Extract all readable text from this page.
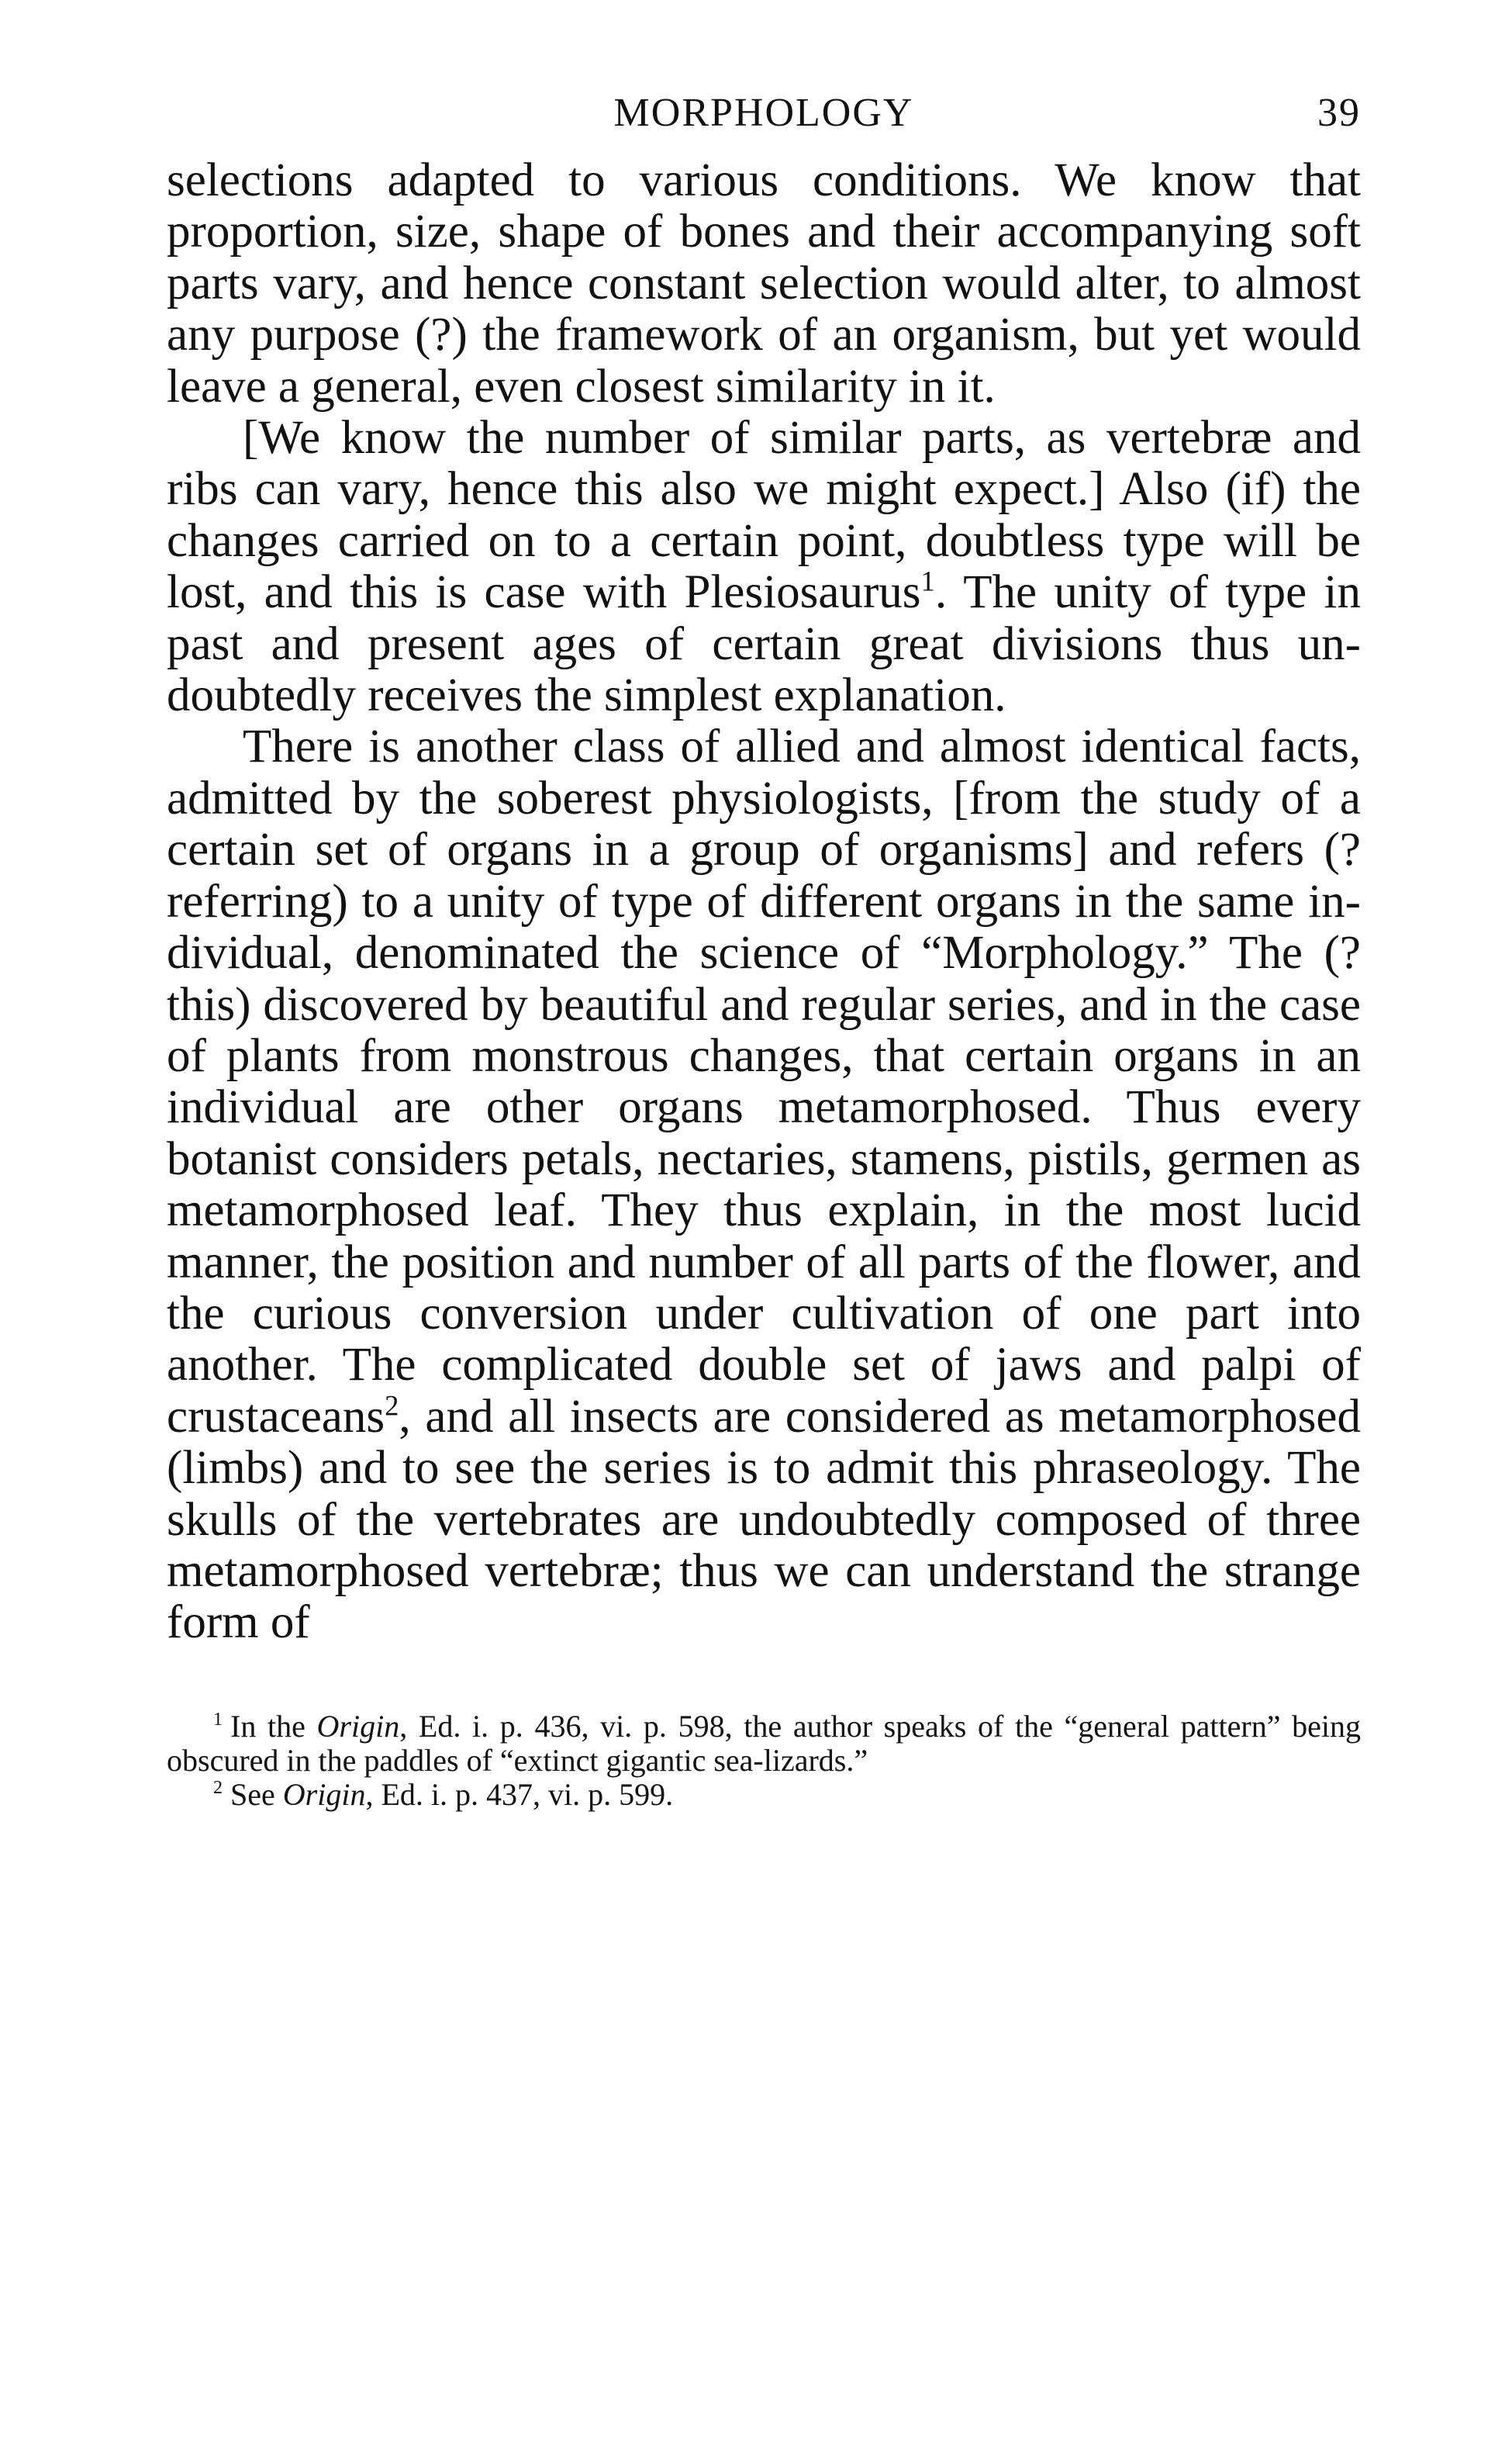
MORPHOLOGY	39

selections adapted to various conditions. We know that proportion, size, shape of bones and their accompanying soft parts vary, and hence constant selection would alter, to almost any purpose (?) the framework of an organism, but yet would leave a general, even closest similarity in it.

[We know the number of similar parts, as vertebræ and ribs can vary, hence this also we might expect.] Also (if) the changes carried on to a certain point, doubtless type will be lost, and this is case with Plesiosaurus$^1$. The unity of type in past and present ages of certain great divisions thus undoubtedly receives the simplest explanation.

There is another class of allied and almost identical facts, admitted by the soberest physiologists, [from the study of a certain set of organs in a group of organisms] and refers (? referring) to a unity of type of different organs in the same individual, denominated the science of “Morphology.” The (? this) discovered by beautiful and regular series, and in the case of plants from monstrous changes, that certain organs in an individual are other organs metamorphosed. Thus every botanist considers petals, nectaries, stamens, pistils, germen as metamorphosed leaf. They thus explain, in the most lucid manner, the position and number of all parts of the flower, and the curious conversion under cultivation of one part into another. The complicated double set of jaws and palpi of crustaceans$^2$, and all insects are considered as metamorphosed (limbs) and to see the series is to admit this phraseology. The skulls of the vertebrates are undoubtedly composed of three metamorphosed vertebræ; thus we can understand the strange form of

$^1$ In the Origin, Ed. i. p. 436, vi. p. 598, the author speaks of the “general pattern” being obscured in the paddles of “extinct gigantic sea-lizards.”

$^2$ See Origin, Ed. i. p. 437, vi. p. 599.
